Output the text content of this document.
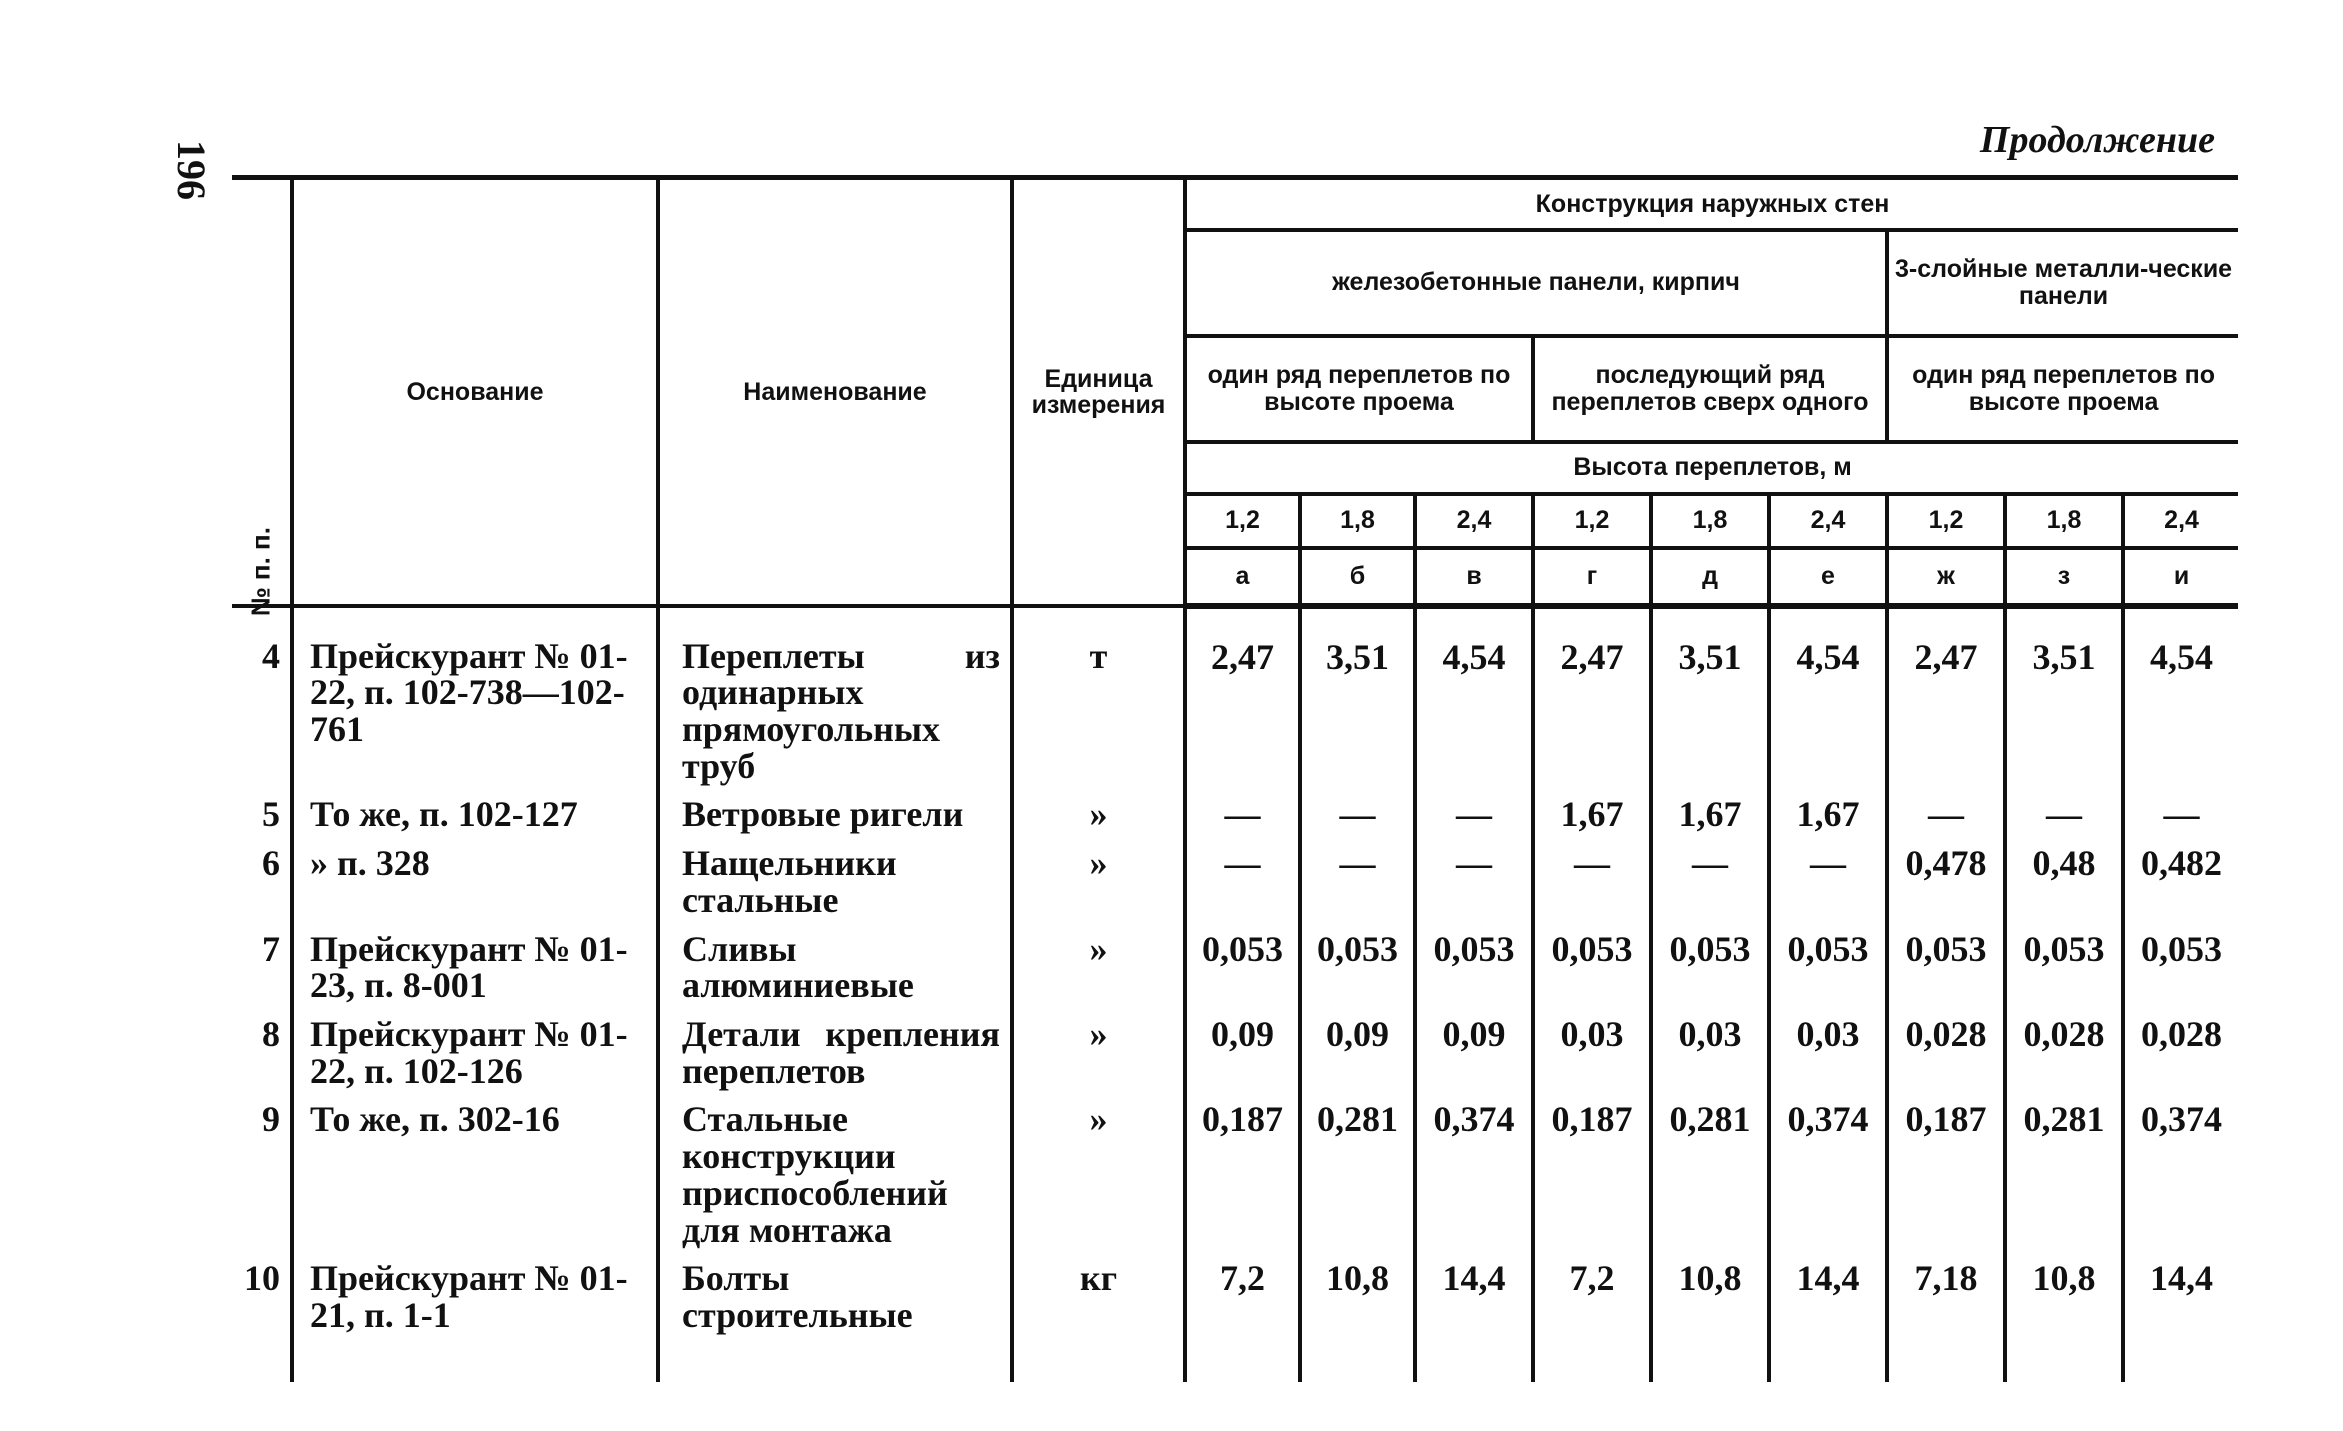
196	Продолжение
№ п. п.	Основание	Наименование	Единица измерения	Конструкция наружных стен								
				железобетонные панели, кирпич						3-слойные металли-ческие панели		
				один ряд переплетов по высоте проема			последующий ряд переплетов сверх одного			один ряд переплетов по высоте проема		
				Высота переплетов, м								
				1,2	1,8	2,4	1,2	1,8	2,4	1,2	1,8	2,4
				а	б	в	г	д	е	ж	з	и
4	Прейскурант № 01-22, п. 102-738—102-761	Переплеты из одинарных прямоугольных труб	т	2,47	3,51	4,54	2,47	3,51	4,54	2,47	3,51	4,54
5	То же, п. 102-127	Ветровые ригели	»	—	—	—	1,67	1,67	1,67	—	—	—
6	» п. 328	Нащельники стальные	»	—	—	—	—	—	—	0,478	0,48	0,482
7	Прейскурант № 01-23, п. 8-001	Сливы алюминиевые	»	0,053	0,053	0,053	0,053	0,053	0,053	0,053	0,053	0,053
8	Прейскурант № 01-22, п. 102-126	Детали крепления переплетов	»	0,09	0,09	0,09	0,03	0,03	0,03	0,028	0,028	0,028
9	То же, п. 302-16	Стальные конструкции приспособлений для монтажа	»	0,187	0,281	0,374	0,187	0,281	0,374	0,187	0,281	0,374
10	Прейскурант № 01-21, п. 1-1	Болты строительные	кг	7,2	10,8	14,4	7,2	10,8	14,4	7,18	10,8	14,4
